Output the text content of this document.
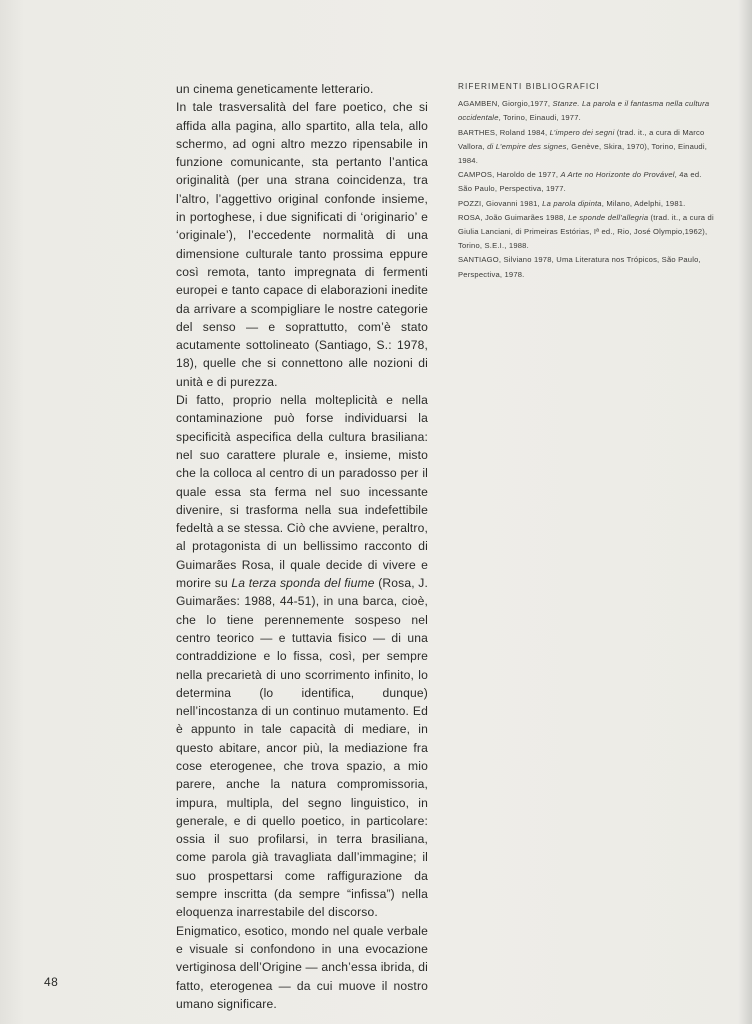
un cinema geneticamente letterario.

In tale trasversalità del fare poetico, che si affida alla pagina, allo spartito, alla tela, allo schermo, ad ogni altro mezzo ripensabile in funzione comunicante, sta pertanto l’antica originalità (per una strana coincidenza, tra l’altro, l’aggettivo original confonde insieme, in portoghese, i due significati di ‘originario’ e ‘originale’), l’eccedente normalità di una dimensione culturale tanto prossima eppure così remota, tanto impregnata di fermenti europei e tanto capace di elaborazioni inedite da arrivare a scompigliare le nostre categorie del senso — e soprattutto, com’è stato acutamente sottolineato (Santiago, S.: 1978, 18), quelle che si connettono alle nozioni di unità e di purezza.

Di fatto, proprio nella molteplicità e nella contaminazione può forse individuarsi la specificità aspecifica della cultura brasiliana: nel suo carattere plurale e, insieme, misto che la colloca al centro di un paradosso per il quale essa sta ferma nel suo incessante divenire, si trasforma nella sua indefettibile fedeltà a se stessa. Ciò che avviene, peraltro, al protagonista di un bellissimo racconto di Guimarães Rosa, il quale decide di vivere e morire su La terza sponda del fiume (Rosa, J. Guimarães: 1988, 44-51), in una barca, cioè, che lo tiene perennemente sospeso nel centro teorico — e tuttavia fisico — di una contraddizione e lo fissa, così, per sempre nella precarietà di uno scorrimento infinito, lo determina (lo identifica, dunque) nell’incostanza di un continuo mutamento. Ed è appunto in tale capacità di mediare, in questo abitare, ancor più, la mediazione fra cose eterogenee, che trova spazio, a mio parere, anche la natura compromissoria, impura, multipla, del segno linguistico, in generale, e di quello poetico, in particolare: ossia il suo profilarsi, in terra brasiliana, come parola già travagliata dall’immagine; il suo prospettarsi come raffigurazione da sempre inscritta (da sempre “infissa”) nella eloquenza inarrestabile del discorso.

Enigmatico, esotico, mondo nel quale verbale e visuale si confondono in una evocazione vertiginosa dell’Origine — anch’essa ibrida, di fatto, eterogenea — da cui muove il nostro umano significare.

RIFERIMENTI BIBLIOGRAFICI
AGAMBEN, Giorgio,1977, Stanze. La parola e il fantasma nella cultura occidentale, Torino, Einaudi, 1977.
BARTHES, Roland 1984, L’impero dei segni (trad. it., a cura di Marco Vallora, di L’empire des signes, Genève, Skira, 1970), Torino, Einaudi, 1984.
CAMPOS, Haroldo de 1977, A Arte no Horizonte do Provável, 4a ed. São Paulo, Perspectiva, 1977.
POZZI, Giovanni 1981, La parola dipinta, Milano, Adelphi, 1981.
ROSA, João Guimarães 1988, Le sponde dell’allegria (trad. it., a cura di Giulia Lanciani, di Primeiras Estórias, Iª ed., Rio, José Olympio,1962), Torino, S.E.I., 1988.
SANTIAGO, Silviano 1978, Uma Literatura nos Trópicos, São Paulo, Perspectiva, 1978.
48
